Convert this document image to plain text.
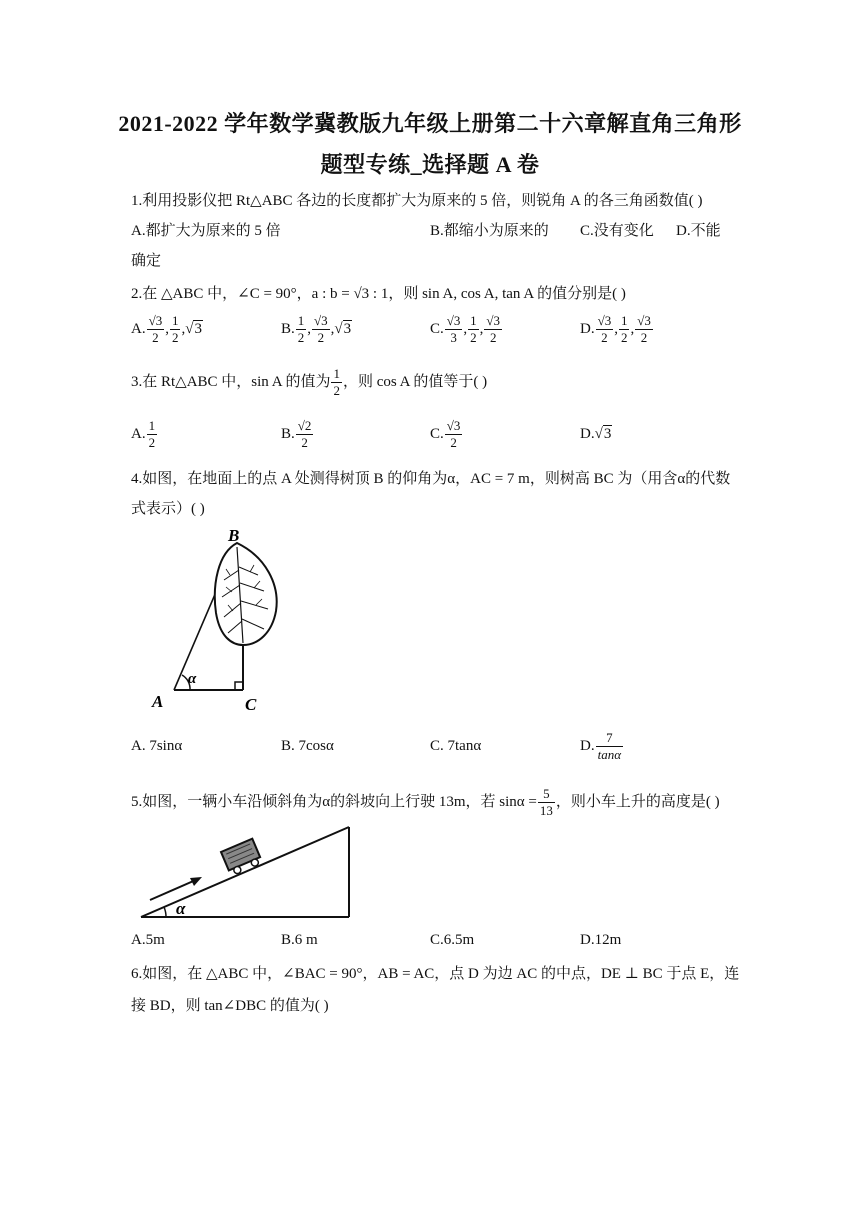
2021-2022 学年数学冀教版九年级上册第二十六章解直角三角形
题型专练_选择题 A 卷
1.利用投影仪把 Rt△ABC 各边的长度都扩大为原来的 5 倍，则锐角 A 的各三角函数值( )
A.都扩大为原来的 5 倍	B.都缩小为原来的 C.没有变化 D.不能
确定
2.在 △ABC 中，∠C = 90°，a : b = √3 : 1，则 sin A, cos A, tan A 的值分别是( )
A. $\frac{√3}{2}$ , $\frac{1}{2} ,√3$	B. $\frac{1}{2}$ , $\frac{√3}{2} ,√3$	C. $\frac{√3}{3}$ , $\frac{1}{2}$ , $\frac{√3}{2}$	D. $\frac{√3}{2}$ , $\frac{1}{2}$ , $\frac{√3}{2}$
3.在 Rt△ABC 中，sin A 的值为 $\frac{1}{2}$ ，则 cos A 的值等于( )
A. $\frac{1}{2}$	B. $\frac{√2}{2}$	C. $\frac{√3}{2}$	D.√3
4.如图，在地面上的点 A 处测得树顶 B 的仰角为α，AC = 7 m，则树高 BC 为（用含α的代数
式表示）( )
B
A	C
α
A. 7sinα	B. 7cosα	C. 7tanα	D. $\frac{7}{\tan\alpha}$
5.如图，一辆小车沿倾斜角为α的斜坡向上行驶 13m，若 $\sin\alpha = \frac{5}{13}$ ，则小车上升的高度是( )
α
A.5m	B.6 m	C.6.5m	D.12m
6.如图，在 △ABC 中，∠BAC = 90°，AB = AC，点 D 为边 AC 的中点，DE ⊥ BC 于点 E，连
接 BD，则 tan∠DBC 的值为( )
